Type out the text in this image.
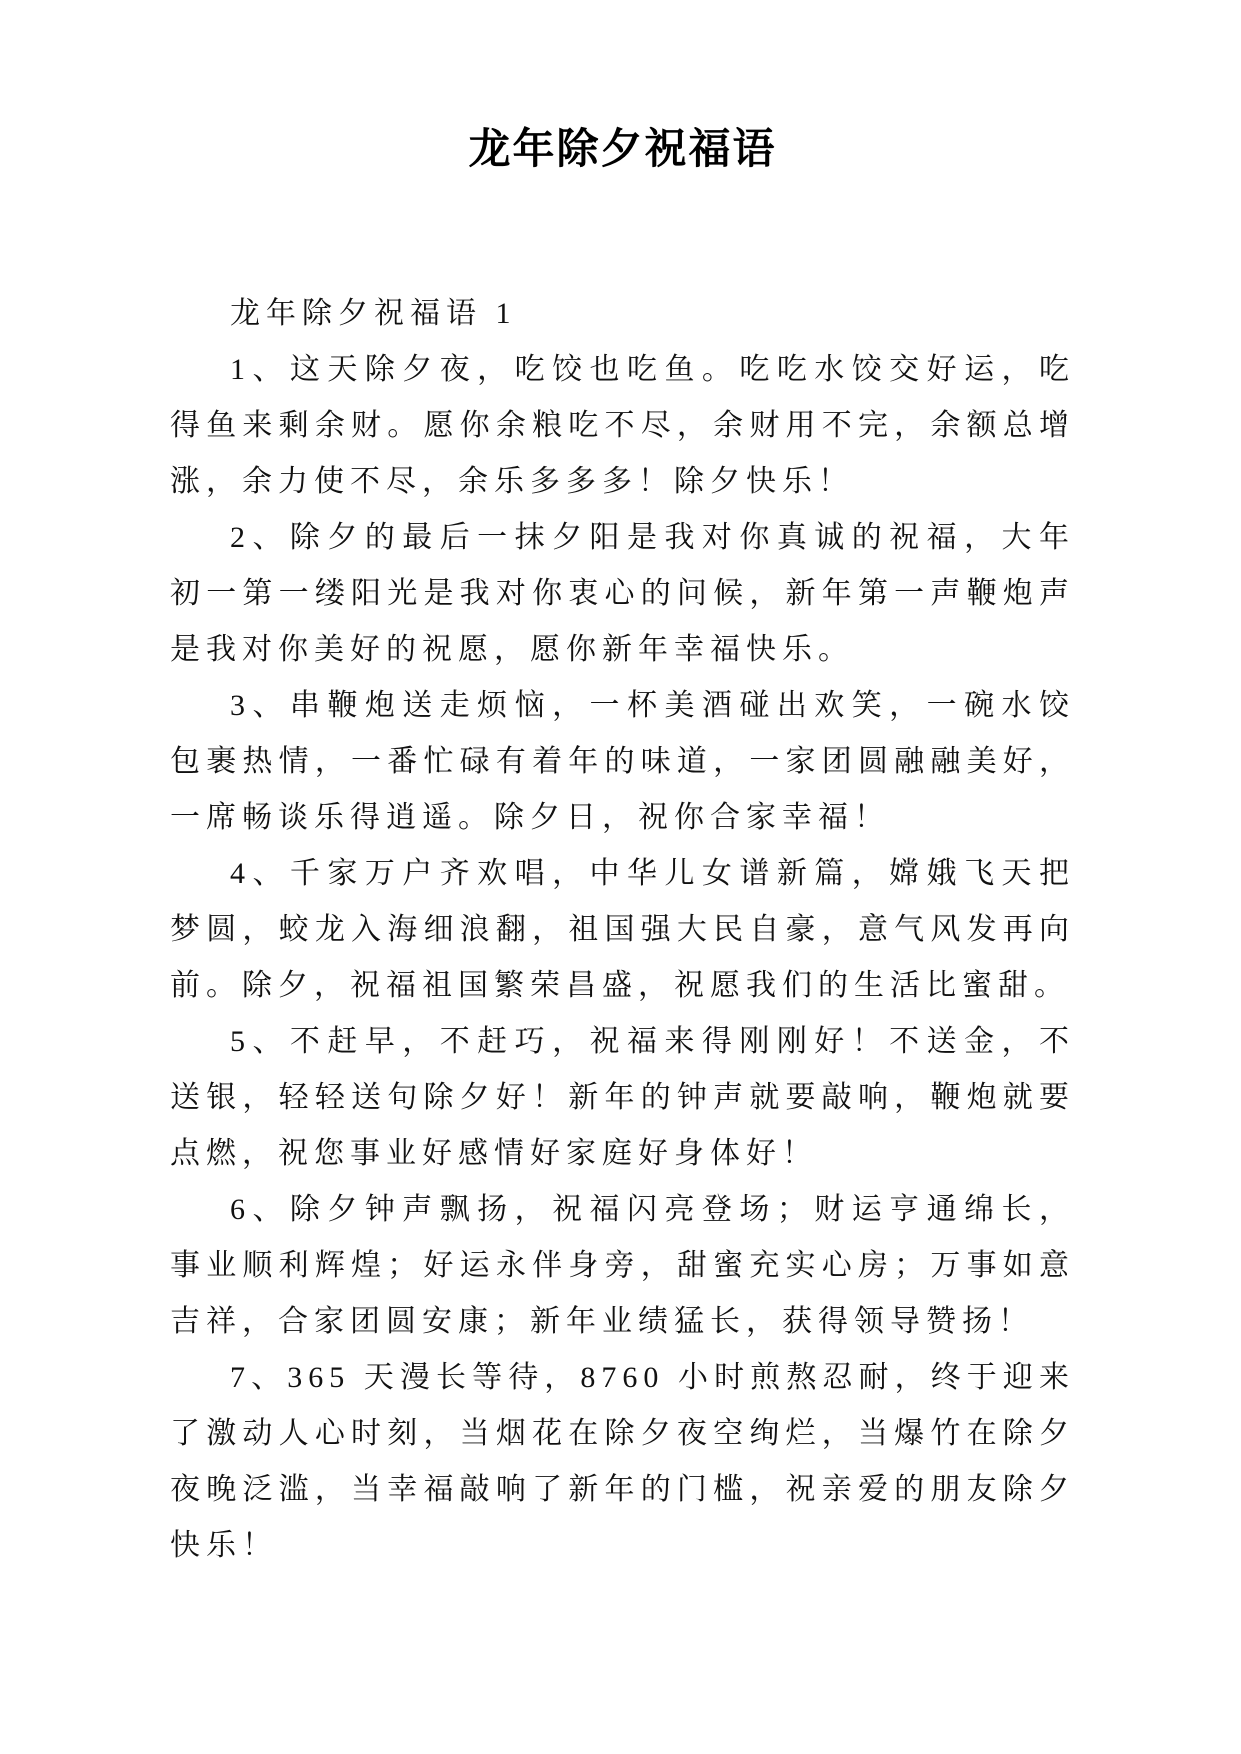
龙年除夕祝福语

龙年除夕祝福语 1

1、这天除夕夜，吃饺也吃鱼。吃吃水饺交好运，吃得鱼来剩余财。愿你余粮吃不尽，余财用不完，余额总增涨，余力使不尽，余乐多多多！除夕快乐！

2、除夕的最后一抹夕阳是我对你真诚的祝福，大年初一第一缕阳光是我对你衷心的问候，新年第一声鞭炮声是我对你美好的祝愿，愿你新年幸福快乐。

3、串鞭炮送走烦恼，一杯美酒碰出欢笑，一碗水饺包裹热情，一番忙碌有着年的味道，一家团圆融融美好，一席畅谈乐得逍遥。除夕日，祝你合家幸福！

4、千家万户齐欢唱，中华儿女谱新篇，嫦娥飞天把梦圆，蛟龙入海细浪翻，祖国强大民自豪，意气风发再向前。除夕，祝福祖国繁荣昌盛，祝愿我们的生活比蜜甜。

5、不赶早，不赶巧，祝福来得刚刚好！不送金，不送银，轻轻送句除夕好！新年的钟声就要敲响，鞭炮就要点燃，祝您事业好感情好家庭好身体好！

6、除夕钟声飘扬，祝福闪亮登场；财运亨通绵长，事业顺利辉煌；好运永伴身旁，甜蜜充实心房；万事如意吉祥，合家团圆安康；新年业绩猛长，获得领导赞扬！

7、365 天漫长等待，8760 小时煎熬忍耐，终于迎来了激动人心时刻，当烟花在除夕夜空绚烂，当爆竹在除夕夜晚泛滥，当幸福敲响了新年的门槛，祝亲爱的朋友除夕快乐！
